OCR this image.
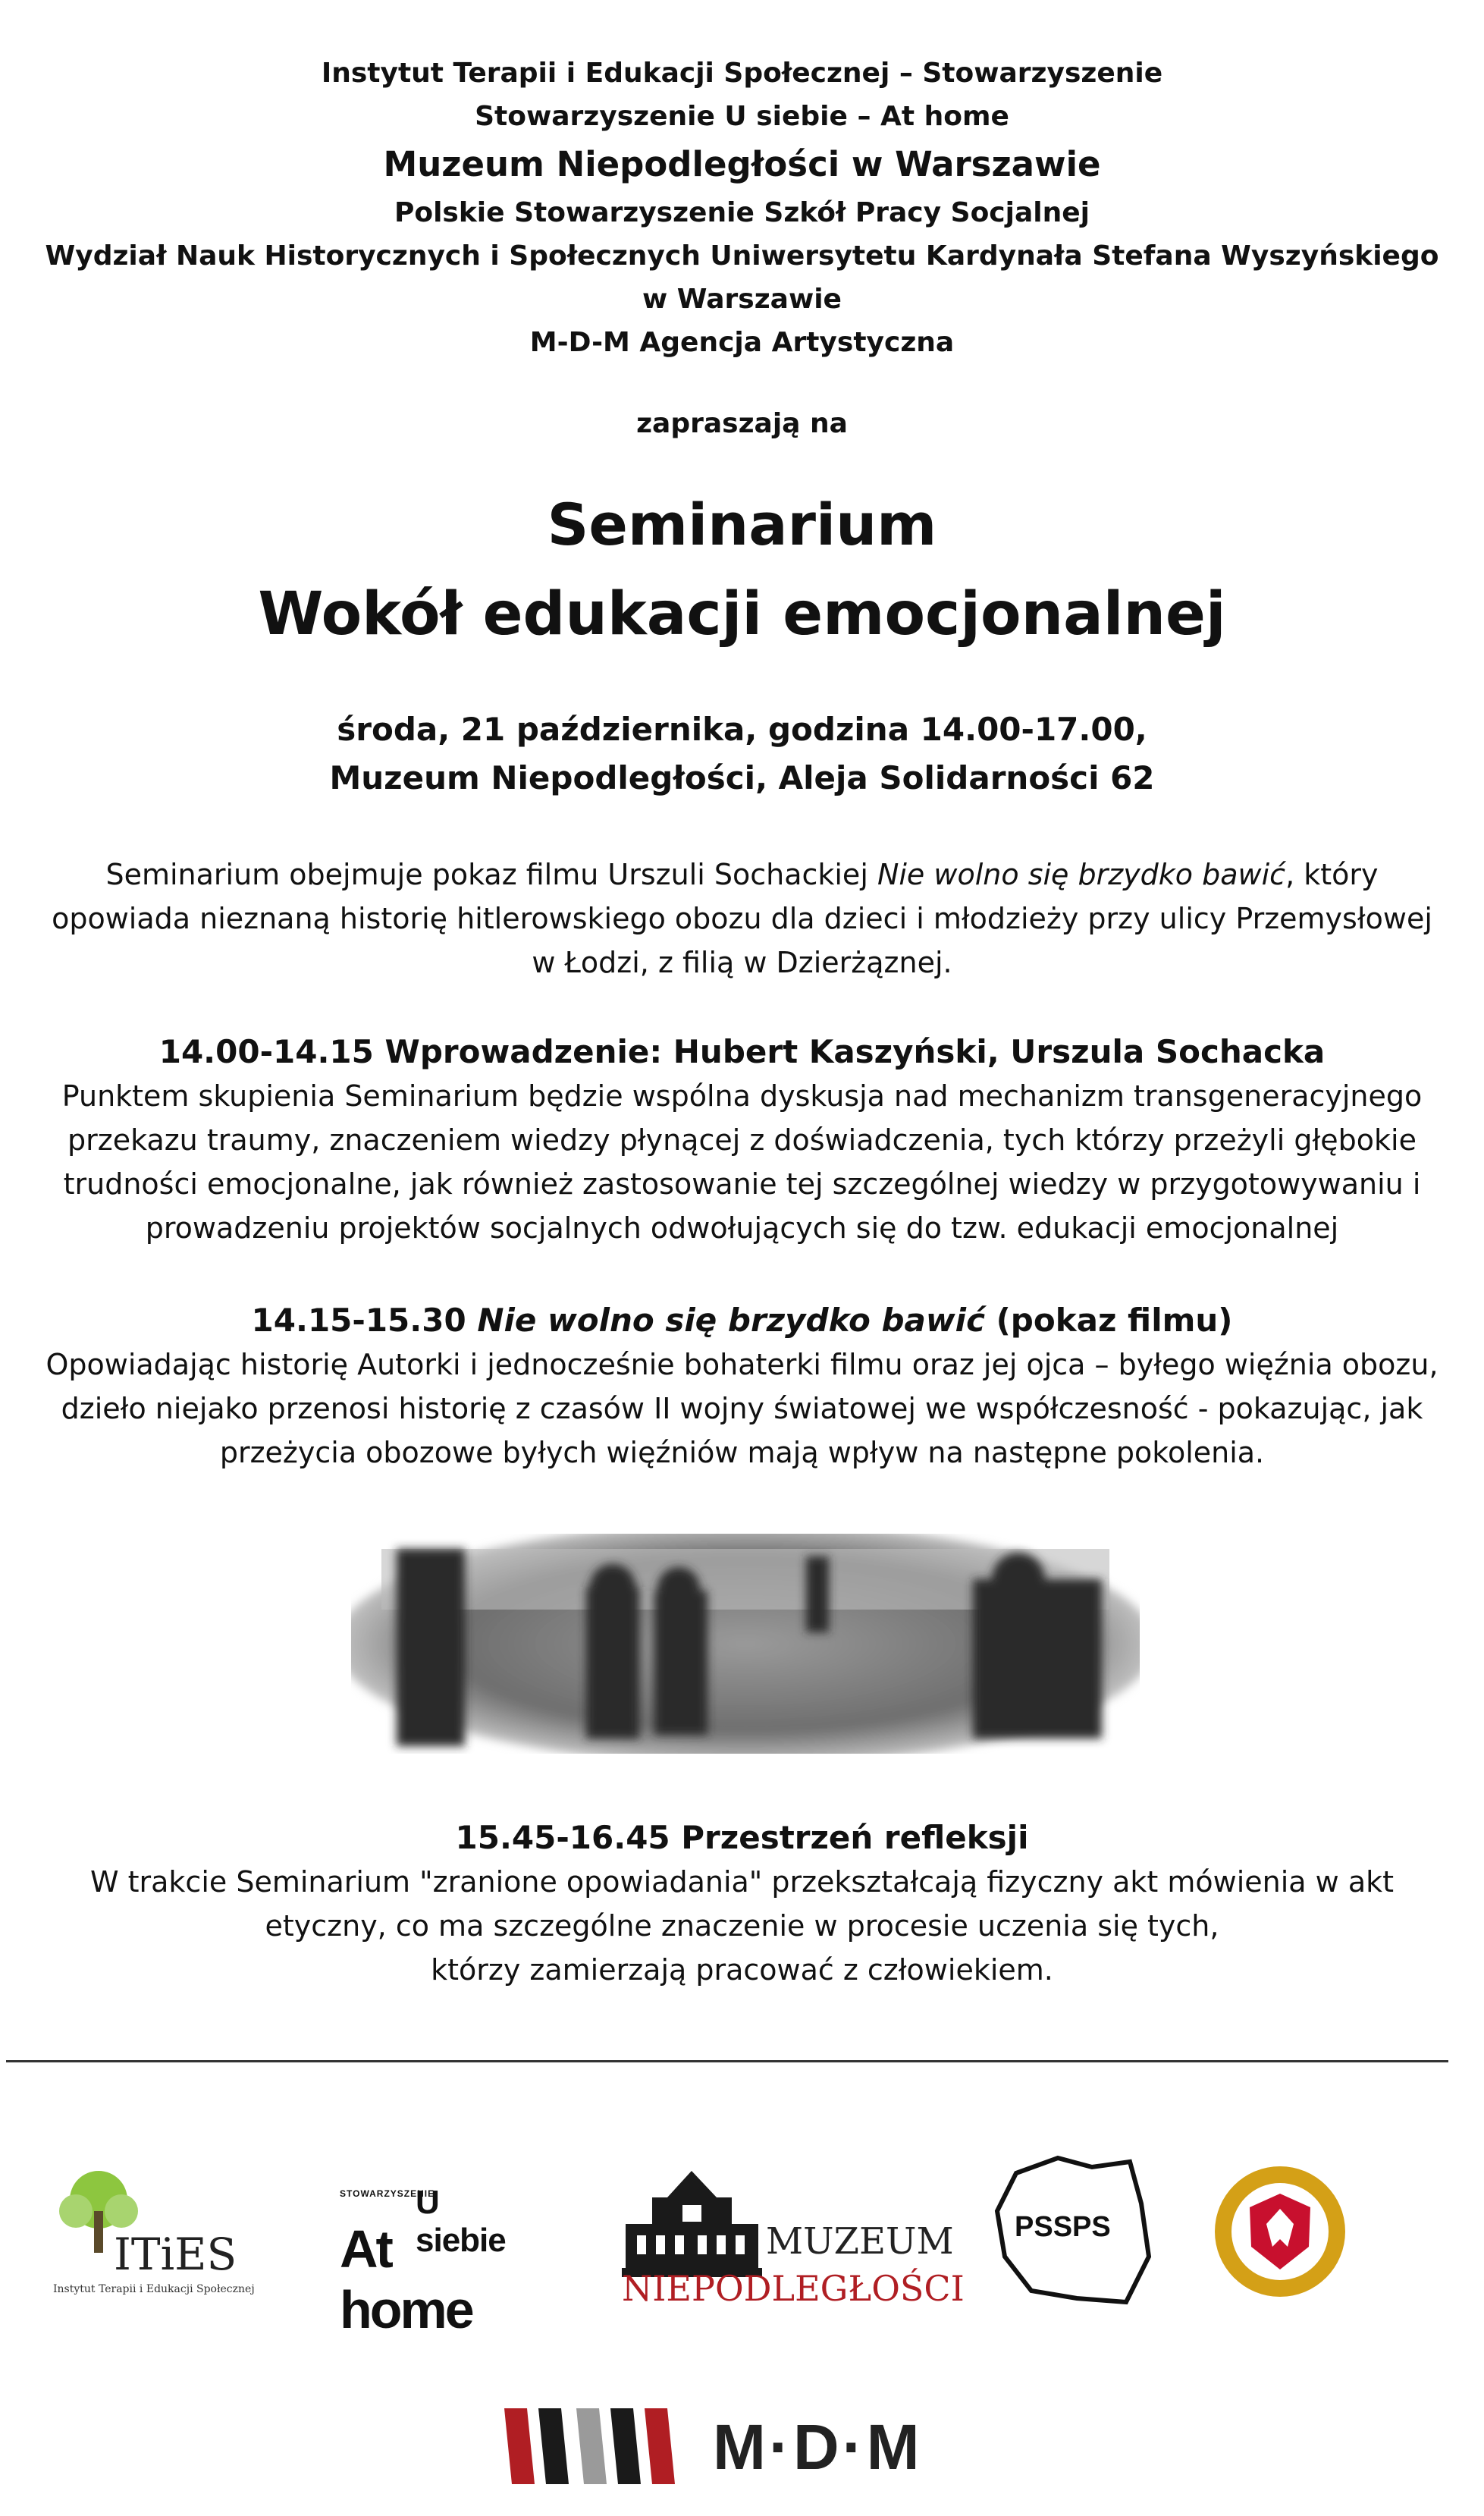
Instytut Terapii i Edukacji Społecznej – Stowarzyszenie
Stowarzyszenie U siebie – At home
Muzeum Niepodległości w Warszawie
Polskie Stowarzyszenie Szkół Pracy Socjalnej
Wydział Nauk Historycznych i Społecznych Uniwersytetu Kardynała Stefana Wyszyńskiego
w Warszawie
M-D-M Agencja Artystyczna
zapraszają na
Seminarium
Wokół edukacji emocjonalnej
środa, 21 października, godzina 14.00-17.00,
Muzeum Niepodległości, Aleja Solidarności 62
Seminarium obejmuje pokaz filmu Urszuli Sochackiej Nie wolno się brzydko bawić, który
opowiada nieznaną historię hitlerowskiego obozu dla dzieci i młodzieży przy ulicy Przemysłowej
w Łodzi, z filią w Dzierżąznej.
14.00-14.15 Wprowadzenie: Hubert Kaszyński, Urszula Sochacka
Punktem skupienia Seminarium będzie wspólna dyskusja nad mechanizm transgeneracyjnego
przekazu traumy, znaczeniem wiedzy płynącej z doświadczenia, tych którzy przeżyli głębokie
trudności emocjonalne, jak również zastosowanie tej szczególnej wiedzy w przygotowywaniu i
prowadzeniu projektów socjalnych odwołujących się do tzw. edukacji emocjonalnej
14.15-15.30 Nie wolno się brzydko bawić (pokaz filmu)
Opowiadając historię Autorki i jednocześnie bohaterki filmu oraz jej ojca – byłego więźnia obozu,
dzieło niejako przenosi historię z czasów II wojny światowej we współczesność - pokazując, jak
przeżycia obozowe byłych więźniów mają wpływ na następne pokolenia.
15.45-16.45 Przestrzeń refleksji
W trakcie Seminarium "zranione opowiadania" przekształcają fizyczny akt mówienia w akt
etyczny, co ma szczególne znaczenie w procesie uczenia się tych,
którzy zamierzają pracować z człowiekiem.
ITiES
Instytut Terapii i Edukacji Społecznej
STOWARZYSZENIE
U siebie
At home
MUZEUM
NIEPODLEGŁOŚCI
PSSPS
M·D·M
